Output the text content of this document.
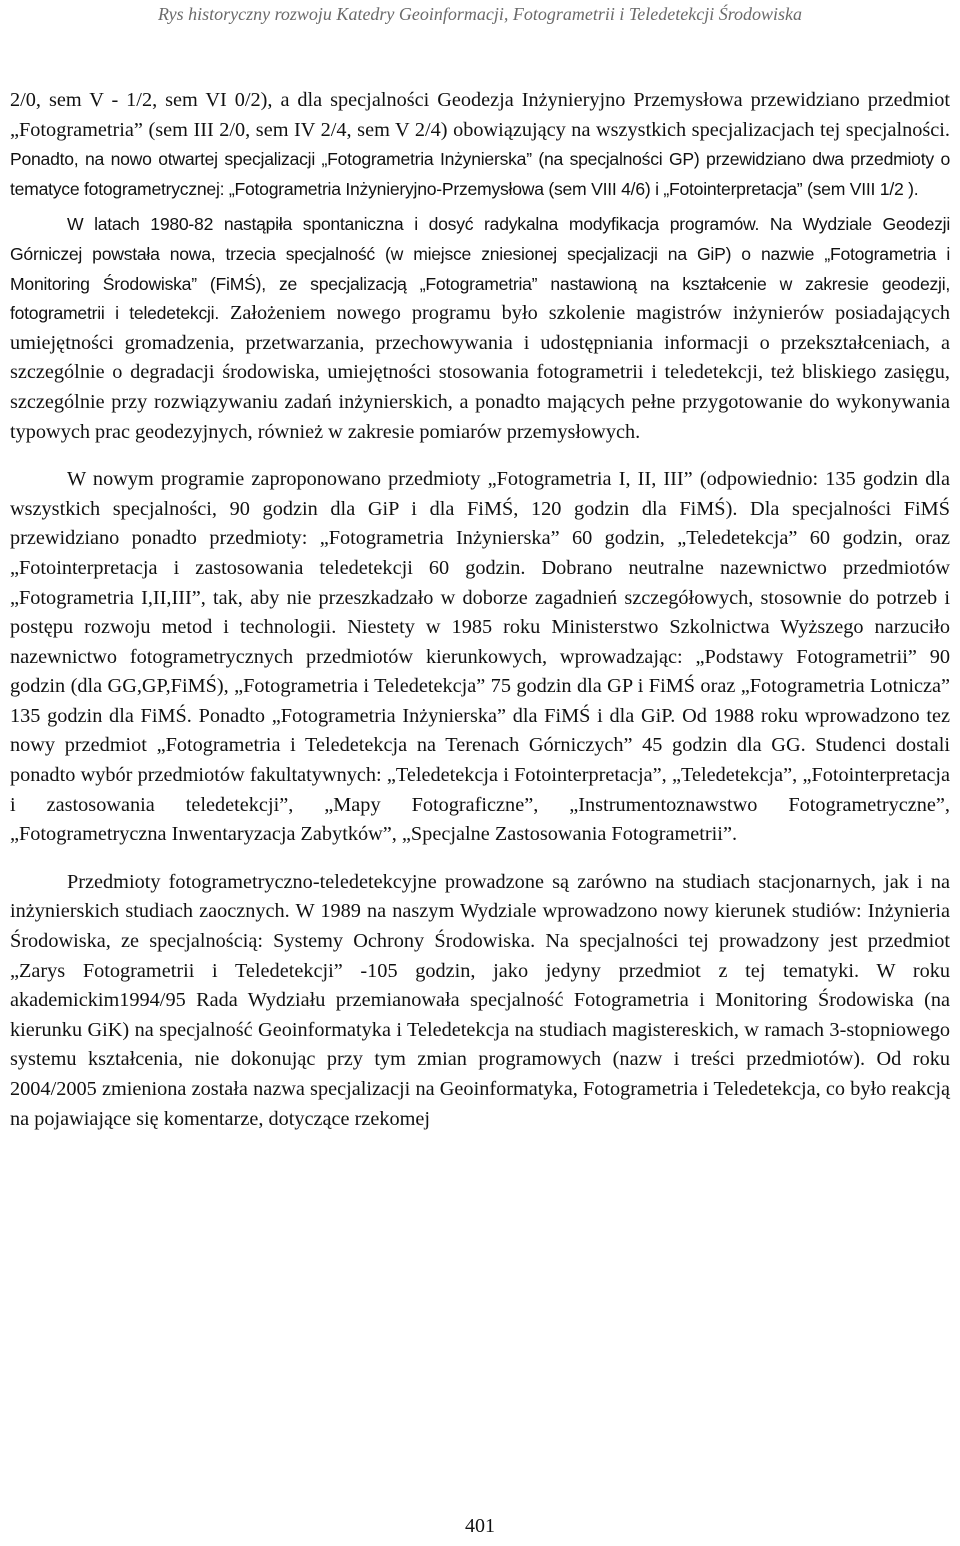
Rys historyczny rozwoju Katedry Geoinformacji, Fotogrametrii i Teledetekcji Środowiska

2/0, sem V - 1/2, sem VI 0/2), a dla specjalności Geodezja Inżynieryjno Przemysłowa przewidziano przedmiot „Fotogrametria” (sem III 2/0, sem IV 2/4, sem V 2/4) obowiązujący na wszystkich specjalizacjach tej specjalności. Ponadto, na nowo otwartej specjalizacji „Fotogrametria Inżynierska” (na specjalności GP) przewidziano dwa przedmioty o tematyce fotogrametrycznej: „Fotogrametria Inżynieryjno-Przemysłowa (sem VIII 4/6) i „Fotointerpretacja” (sem VIII 1/2 ).

W latach 1980-82 nastąpiła spontaniczna i dosyć radykalna modyfikacja programów. Na Wydziale Geodezji Górniczej powstała nowa, trzecia specjalność (w miejsce zniesionej specjalizacji na GiP) o nazwie „Fotogrametria i Monitoring Środowiska” (FiMŚ), ze specjalizacją „Fotogrametria” nastawioną na kształcenie w zakresie geodezji, fotogrametrii i teledetekcji. Założeniem nowego programu było szkolenie magistrów inżynierów posiadających umiejętności gromadzenia, przetwarzania, przechowywania i udostępniania informacji o przekształceniach, a szczególnie o degradacji środowiska, umiejętności stosowania fotogrametrii i teledetekcji, też bliskiego zasięgu, szczególnie przy rozwiązywaniu zadań inżynierskich, a ponadto mających pełne przygotowanie do wykonywania typowych prac geodezyjnych, również w zakresie pomiarów przemysłowych.

W nowym programie zaproponowano przedmioty „Fotogrametria I, II, III” (odpowiednio: 135 godzin dla wszystkich specjalności, 90 godzin dla GiP i dla FiMŚ, 120 godzin dla FiMŚ). Dla specjalności FiMŚ przewidziano ponadto przedmioty: „Fotogrametria Inżynierska” 60 godzin, „Teledetekcja” 60 godzin, oraz „Fotointerpretacja i zastosowania teledetekcji 60 godzin. Dobrano neutralne nazewnictwo przedmiotów „Fotogrametria I,II,III”, tak, aby nie przeszkadzało w doborze zagadnień szczegółowych, stosownie do potrzeb i postępu rozwoju metod i technologii. Niestety w 1985 roku Ministerstwo Szkolnictwa Wyższego narzuciło nazewnictwo fotogrametrycznych przedmiotów kierunkowych, wprowadzając: „Podstawy Fotogrametrii” 90 godzin (dla GG,GP,FiMŚ), „Fotogrametria i Teledetekcja” 75 godzin dla GP i FiMŚ oraz „Fotogrametria Lotnicza” 135 godzin dla FiMŚ. Ponadto „Fotogrametria Inżynierska” dla FiMŚ i dla GiP. Od 1988 roku wprowadzono tez nowy przedmiot „Fotogrametria i Teledetekcja na Terenach Górniczych” 45 godzin dla GG. Studenci dostali ponadto wybór przedmiotów fakultatywnych: „Teledetekcja i Fotointerpretacja”, „Teledetekcja”, „Fotointerpretacja i zastosowania teledetekcji”, „Mapy Fotograficzne”, „Instrumentoznawstwo Fotogrametryczne”, „Fotogrametryczna Inwentaryzacja Zabytków”, „Specjalne Zastosowania Fotogrametrii”.

Przedmioty fotogrametryczno-teledetekcyjne prowadzone są zarówno na studiach stacjonarnych, jak i na inżynierskich studiach zaocznych. W 1989 na naszym Wydziale wprowadzono nowy kierunek studiów: Inżynieria Środowiska, ze specjalnością: Systemy Ochrony Środowiska. Na specjalności tej prowadzony jest przedmiot „Zarys Fotogrametrii i Teledetekcji” -105 godzin, jako jedyny przedmiot z tej tematyki. W roku akademickim1994/95 Rada Wydziału przemianowała specjalność Fotogrametria i Monitoring Środowiska (na kierunku GiK) na specjalność Geoinformatyka i Teledetekcja na studiach magistereskich, w ramach 3-stopniowego systemu kształcenia, nie dokonując przy tym zmian programowych (nazw i treści przedmiotów). Od roku 2004/2005 zmieniona została nazwa specjalizacji na Geoinformatyka, Fotogrametria i Teledetekcja, co było reakcją na pojawiające się komentarze, dotyczące rzekomej

401
